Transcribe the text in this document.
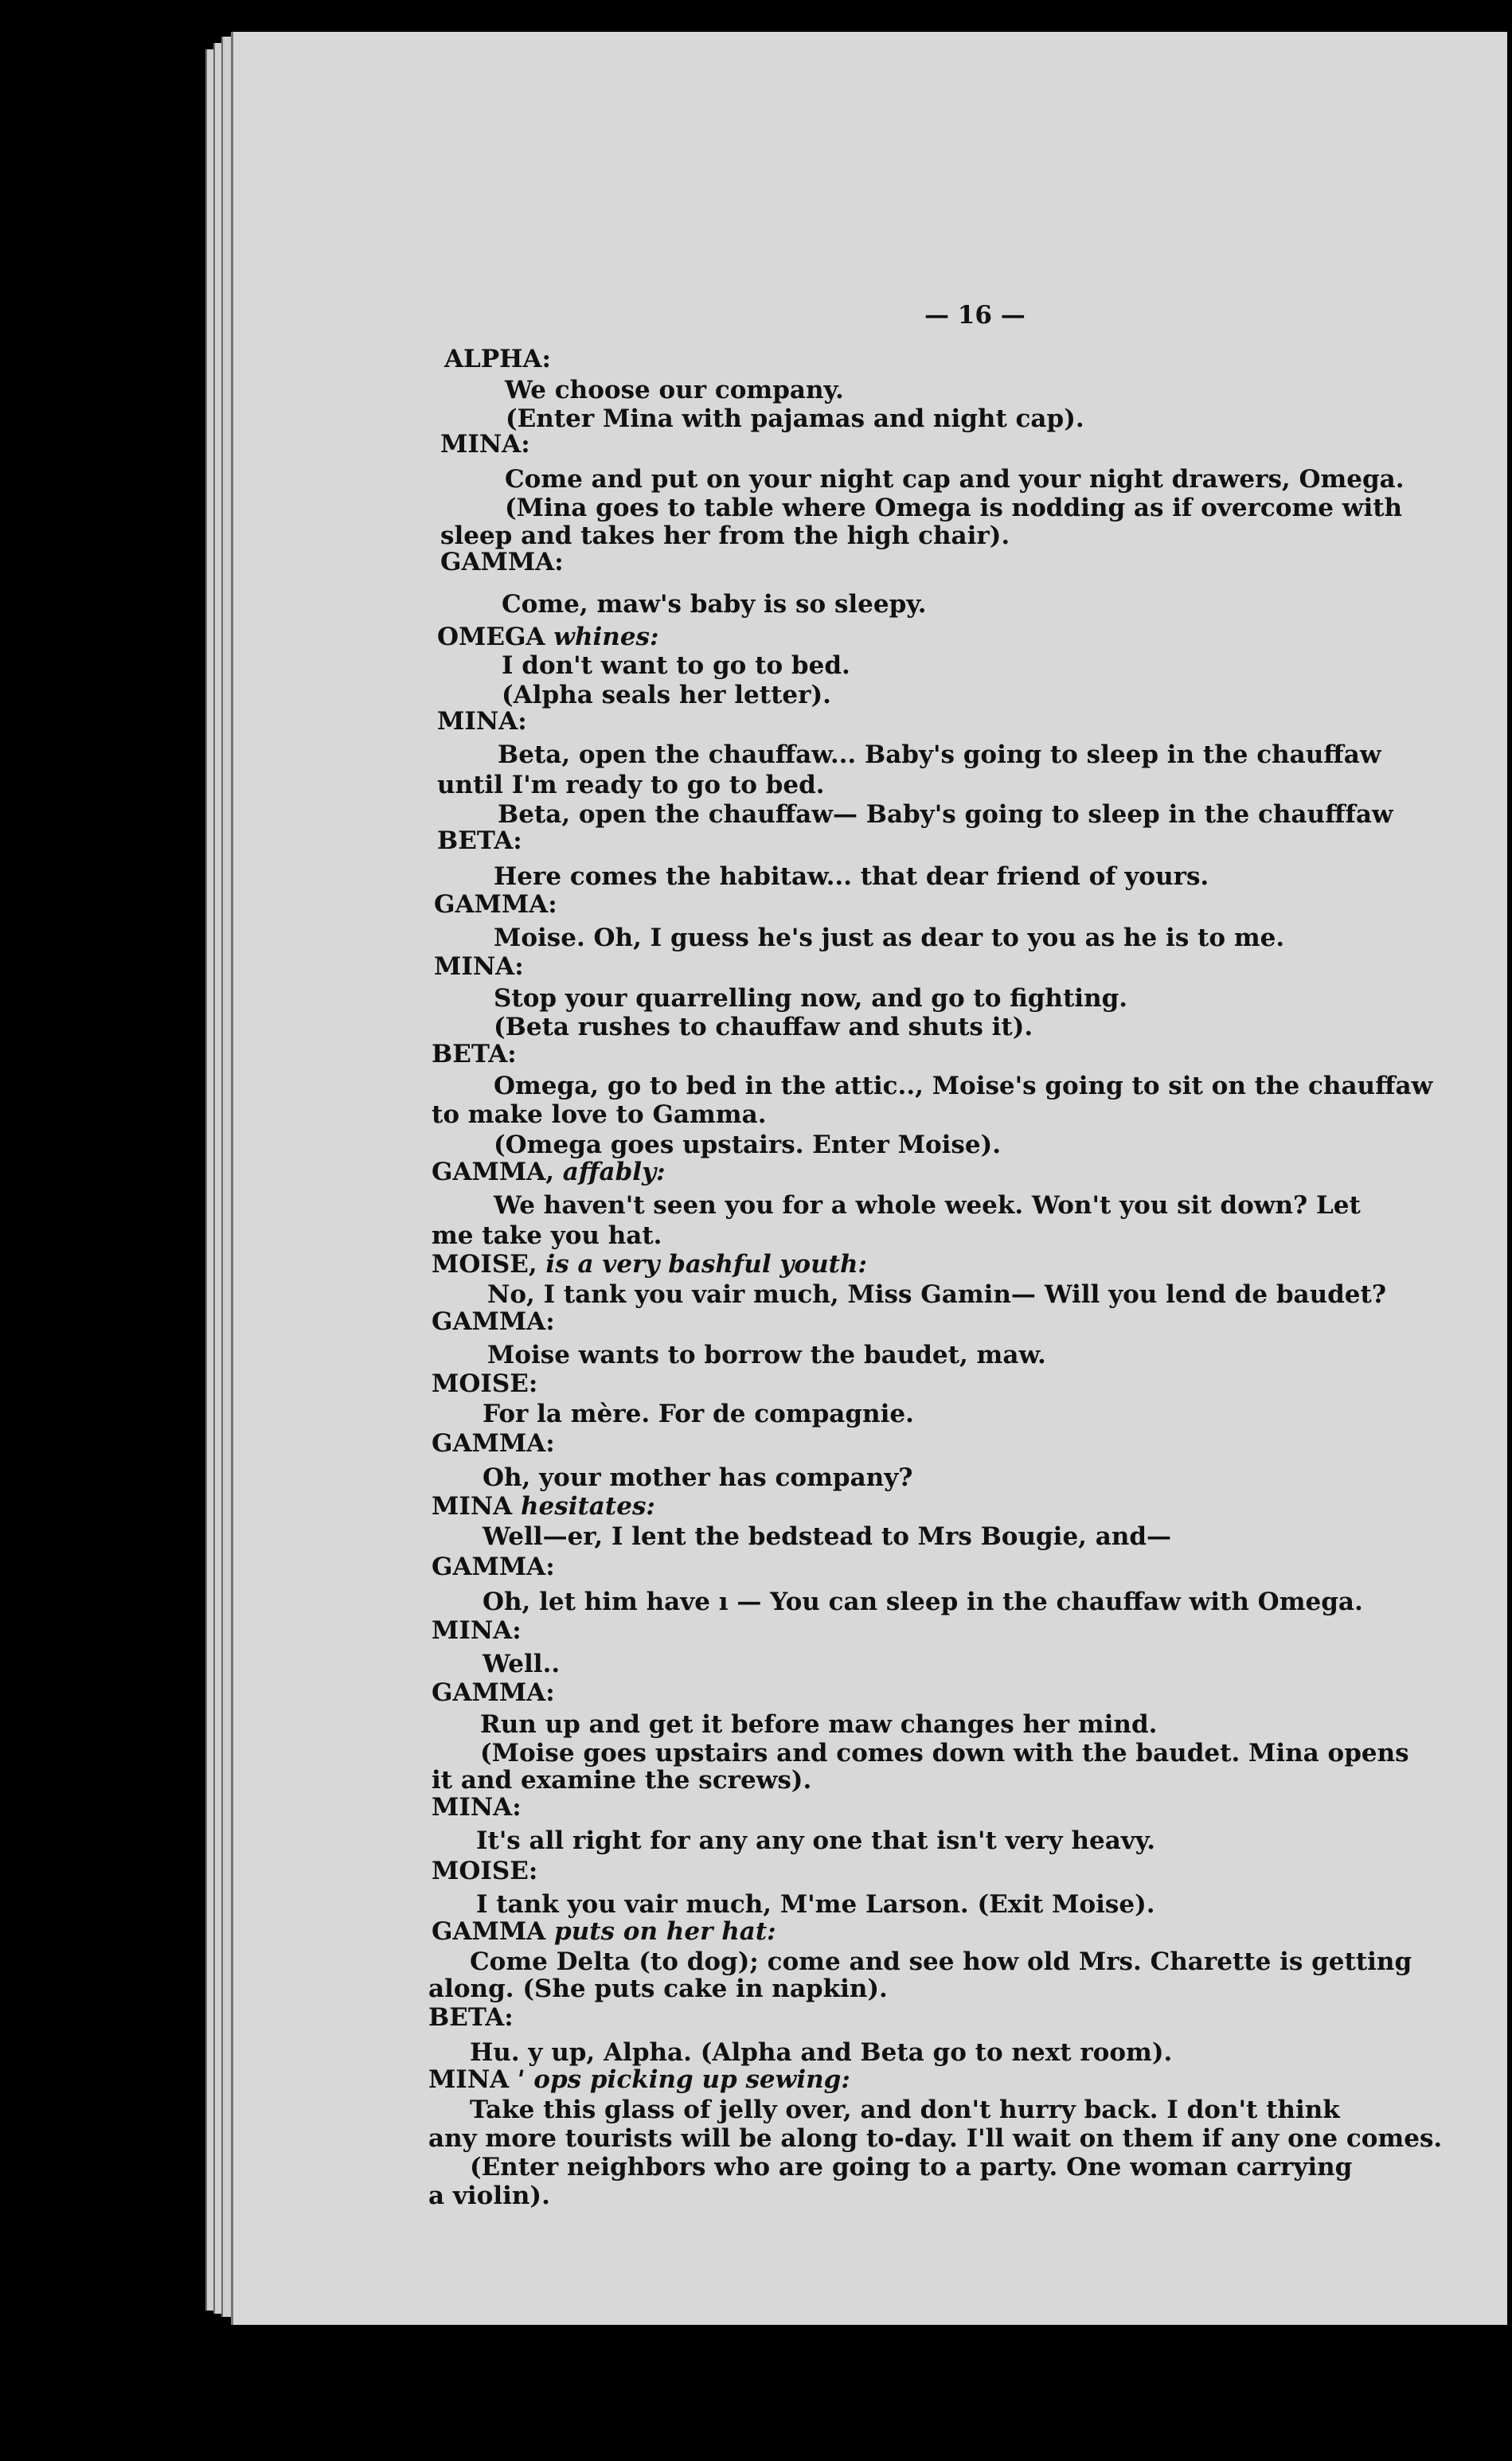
— 16 —
ALPHA:
We choose our company.
(Enter Mina with pajamas and night cap).
MINA:
Come and put on your night cap and your night drawers, Omega.
(Mina goes to table where Omega is nodding as if overcome with
sleep and takes her from the high chair).
GAMMA:
Come, maw's baby is so sleepy.
OMEGA whines:
I don't want to go to bed.
(Alpha seals her letter).
MINA:
Beta, open the chauffaw... Baby's going to sleep in the chauffaw
until I'm ready to go to bed.
Beta, open the chauffaw— Baby's going to sleep in the chaufffaw
BETA:
Here comes the habitaw... that dear friend of yours.
GAMMA:
Moise. Oh, I guess he's just as dear to you as he is to me.
MINA:
Stop your quarrelling now, and go to fighting.
(Beta rushes to chauffaw and shuts it).
BETA:
Omega, go to bed in the attic.., Moise's going to sit on the chauffaw
to make love to Gamma.
(Omega goes upstairs. Enter Moise).
GAMMA, affably:
We haven't seen you for a whole week. Won't you sit down? Let
me take you hat.
MOISE, is a very bashful youth:
No, I tank you vair much, Miss Gamin— Will you lend de baudet?
GAMMA:
Moise wants to borrow the baudet, maw.
MOISE:
For la mère. For de compagnie.
GAMMA:
Oh, your mother has company?
MINA hesitates:
Well—er, I lent the bedstead to Mrs Bougie, and—
GAMMA:
Oh, let him have ı — You can sleep in the chauffaw with Omega.
MINA:
Well..
GAMMA:
Run up and get it before maw changes her mind.
(Moise goes upstairs and comes down with the baudet. Mina opens
it and examine the screws).
MINA:
It's all right for any any one that isn't very heavy.
MOISE:
I tank you vair much, M'me Larson. (Exit Moise).
GAMMA puts on her hat:
Come Delta (to dog); come and see how old Mrs. Charette is getting
along. (She puts cake in napkin).
BETA:
Hu. y up, Alpha. (Alpha and Beta go to next room).
MINA ꞌ ops picking up sewing:
Take this glass of jelly over, and don't hurry back. I don't think
any more tourists will be along to-day. I'll wait on them if any one comes.
(Enter neighbors who are going to a party. One woman carrying
a violin).
